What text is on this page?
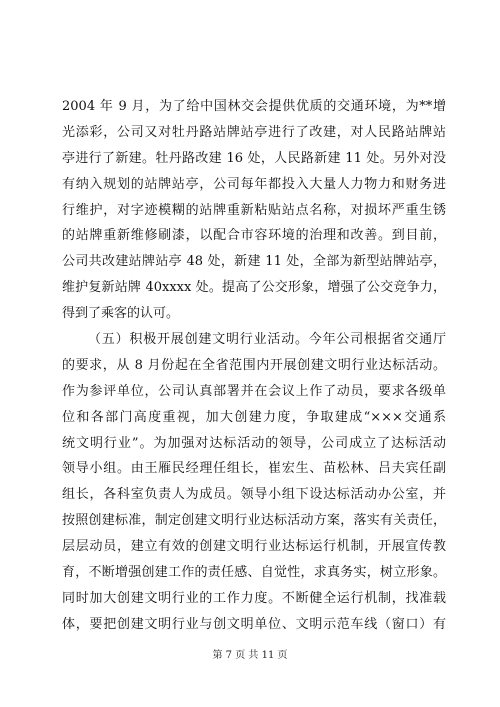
2004 年 9 月，为了给中国林交会提供优质的交通环境，为**增
光添彩，公司又对牡丹路站牌站亭进行了改建，对人民路站牌站
亭进行了新建。牡丹路改建 16 处，人民路新建 11 处。另外对没
有纳入规划的站牌站亭，公司每年都投入大量人力物力和财务进
行维护，对字迹模糊的站牌重新粘贴站点名称，对损坏严重生锈
的站牌重新维修刷漆，以配合市容环境的治理和改善。到目前，
公司共改建站牌站亭 48 处，新建 11 处，全部为新型站牌站亭，
维护复新站牌 40xxxx 处。提高了公交形象，增强了公交竞争力，
得到了乘客的认可。
（五）积极开展创建文明行业活动。今年公司根据省交通厅
的要求，从 8 月份起在全省范围内开展创建文明行业达标活动。
作为参评单位，公司认真部署并在会议上作了动员，要求各级单
位和各部门高度重视，加大创建力度，争取建成“×××交通系
统文明行业”。为加强对达标活动的领导，公司成立了达标活动
领导小组。由王雁民经理任组长，崔宏生、苗松林、吕夫宾任副
组长，各科室负责人为成员。领导小组下设达标活动办公室，并
按照创建标准，制定创建文明行业达标活动方案，落实有关责任，
层层动员，建立有效的创建文明行业达标运行机制，开展宣传教
育，不断增强创建工作的责任感、自觉性，求真务实，树立形象。
同时加大创建文明行业的工作力度。不断健全运行机制，找准载
体，要把创建文明行业与创文明单位、文明示范车线（窗口）有
第 7 页 共 11 页
